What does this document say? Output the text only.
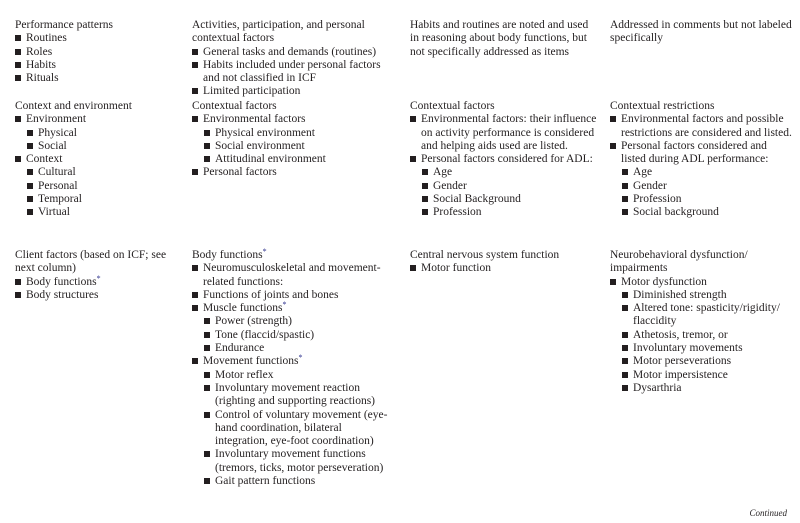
Performance patterns
Routines
Roles
Habits
Rituals
Activities, participation, and personal contextual factors
General tasks and demands (routines)
Habits included under personal factors and not classified in ICF
Limited participation
Habits and routines are noted and used in reasoning about body functions, but not specifically addressed as items
Addressed in comments but not labeled specifically
Context and environment
Environment
Physical
Social
Context
Cultural
Personal
Temporal
Virtual
Contextual factors
Environmental factors
Physical environment
Social environment
Attitudinal environment
Personal factors
Contextual factors
Environmental factors: their influence on activity performance is considered and helping aids used are listed.
Personal factors considered for ADL:
Age
Gender
Social Background
Profession
Contextual restrictions
Environmental factors and possible restrictions are considered and listed.
Personal factors considered and listed during ADL performance:
Age
Gender
Profession
Social background
Client factors (based on ICF; see next column)
Body functions*
Body structures
Body functions*
Neuromusculoskeletal and movement-related functions:
Functions of joints and bones
Muscle functions*
Power (strength)
Tone (flaccid/spastic)
Endurance
Movement functions*
Motor reflex
Involuntary movement reaction (righting and supporting reactions)
Control of voluntary movement (eye-hand coordination, bilateral integration, eye-foot coordination)
Involuntary movement functions (tremors, ticks, motor perseveration)
Gait pattern functions
Central nervous system function
Motor function
Neurobehavioral dysfunction/ impairments
Motor dysfunction
Diminished strength
Altered tone: spasticity/rigidity/ flaccidity
Athetosis, tremor, or
Involuntary movements
Motor perseverations
Motor impersistence
Dysarthria
Continued
